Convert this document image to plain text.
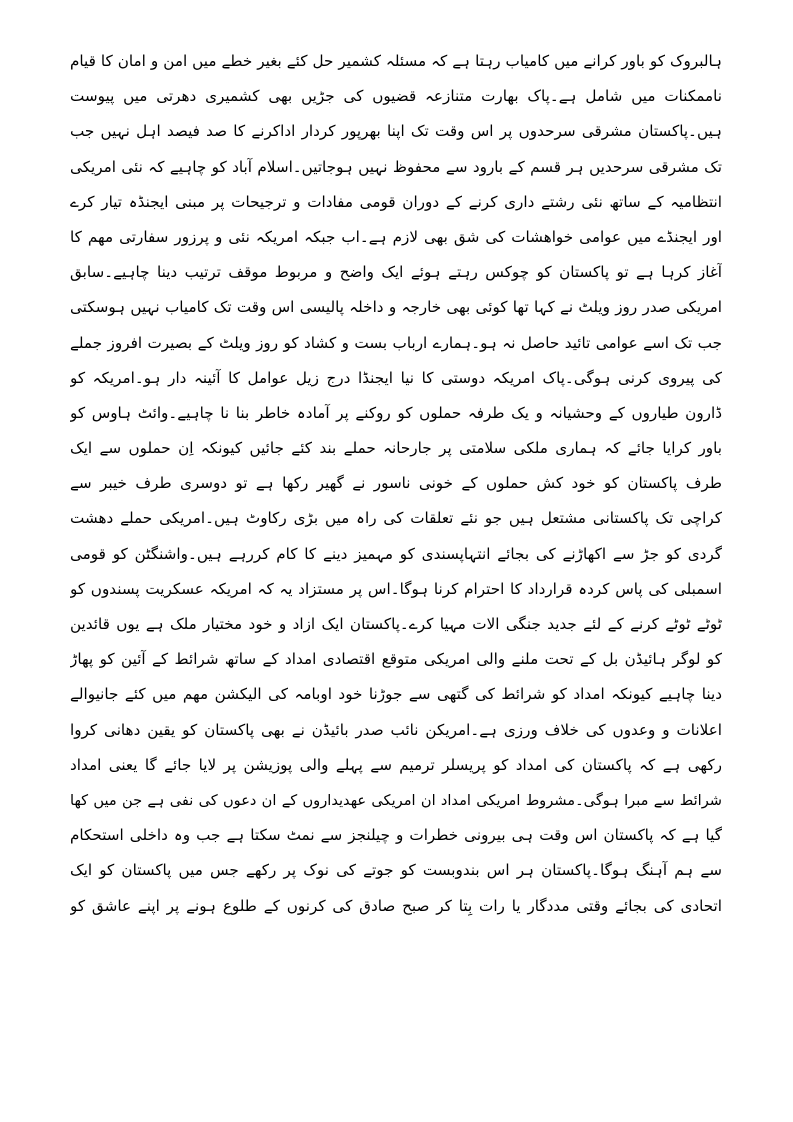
ہالبروک کو باور کرانے میں کامیاب رہتا ہے کہ مسئلہ کشمیر حل کئے بغیر خطے میں امن و امان کا قیام
ناممکنات میں شامل ہے۔پاک بھارت متنازعہ قضیوں کی جڑیں بھی کشمیری دھرتی میں پیوست
ہیں۔پاکستان مشرقی سرحدوں پر اس وقت تک اپنا بھرپور کردار اداکرنے کا صد فیصد اہل نہیں جب
تک مشرقی سرحدیں ہر قسم کے بارود سے محفوظ نہیں ہوجاتیں۔اسلام آباد کو چاہیے کہ نئی امریکی
انتظامیہ کے ساتھ نئی رشتے داری کرنے کے دوران قومی مفادات و ترجیحات پر مبنی ایجنڈہ تیار کرے
اور ایجنڈے میں عوامی خواھشات کی شق بھی لازم ہے۔اب جبکہ امریکہ نئی و پرزور سفارتی مھم کا
آغاز کرہا ہے تو پاکستان کو چوکس رہتے ہوئے ایک واضح و مربوط موقف ترتیب دینا چاہیے۔سابق
امریکی صدر روز ویلٹ نے کہا تھا کوئی بھی خارجہ و داخلہ پالیسی اس وقت تک کامیاب نہیں ہوسکتی
جب تک اسے عوامی تائید حاصل نہ ہو۔ہمارے ارباب بست و کشاد کو روز ویلٹ کے بصیرت افروز جملے
کی پیروی کرنی ہوگی۔پاک امریکہ دوستی کا نیا ایجنڈا درج زیل عوامل کا آئینہ دار ہو۔امریکہ کو
ڈارون طیاروں کے وحشیانہ و یک طرفہ حملوں کو روکنے پر آمادہ خاطر بنا نا چاہیے۔وائٹ ہاوس کو
باور کرایا جائے کہ ہماری ملکی سلامتی پر جارحانہ حملے بند کئے جائیں کیونکہ اِن حملوں سے ایک
طرف پاکستان کو خود کش حملوں کے خونی ناسور نے گھیر رکھا ہے تو دوسری طرف خیبر سے
کراچی تک پاکستانی مشتعل ہیں جو نئے تعلقات کی راہ میں بڑی رکاوٹ ہیں۔امریکی حملے دھشت
گردی کو جڑ سے اکھاڑنے کی بجائے انتہاپسندی کو مہمیز دینے کا کام کررہے ہیں۔واشنگٹن کو قومی
اسمبلی کی پاس کردہ قرارداد کا احترام کرنا ہوگا۔اس پر مستزاد یہ کہ امریکہ عسکریت پسندوں کو
ٹوٹے ٹوٹے کرنے کے لئے جدید جنگی الات مہیا کرے۔پاکستان ایک ازاد و خود مختیار ملک ہے یوں قائدین
کو لوگر ہائیڈن بل کے تحت ملنے والی امریکی متوقع اقتصادی امداد کے ساتھ شرائط کے آئین کو پھاڑ
دینا چاہیے کیونکہ امداد کو شرائط کی گتھی سے جوڑنا خود اوبامہ کی الیکشن مھم میں کئے جانیوالے
اعلانات و وعدوں کی خلاف ورزی ہے۔امریکن نائب صدر بائیڈن نے بھی پاکستان کو یقین دھانی کروا
رکھی ہے کہ پاکستان کی امداد کو پریسلر ترمیم سے پہلے والی پوزیشن پر لایا جائے گا یعنی امداد
شرائط سے مبرا ہوگی۔مشروط امریکی امداد ان امریکی عھدیداروں کے ان دعوں کی نفی ہے جن میں کھا
گیا ہے کہ پاکستان اس وقت ہی بیرونی خطرات و چیلنجز سے نمٹ سکتا ہے جب وہ داخلی استحکام
سے ہم آہنگ ہوگا۔پاکستان ہر اس بندوبست کو جوتے کی نوک پر رکھے جس میں پاکستان کو ایک
اتحادی کی بجائے وقتی مددگار یا رات بِتا کر صبح صادق کی کرنوں کے طلوع ہونے پر اپنے عاشق کو
